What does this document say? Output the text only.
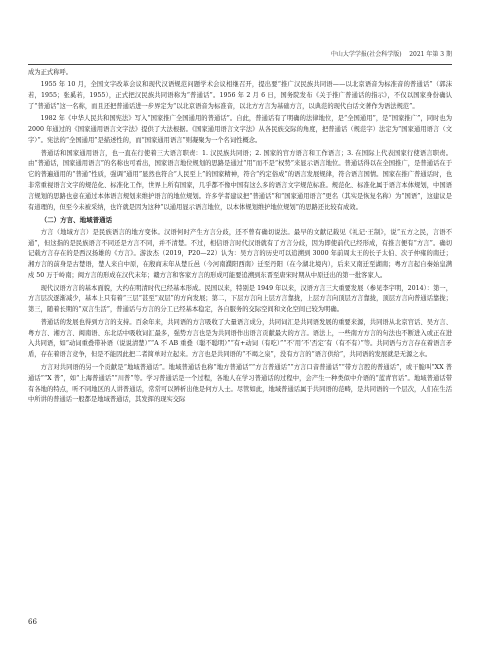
中山大学学报(社会科学版) 2021 年第 3 期

成为正式称呼。

1955 年 10 月，全国文字改革会议和现代汉语规范问题学术会议相继召开，提出要“推广汉民族共同语——以北京语音为标准音的普通话”（郭沫若，1955；张奚若，1955），正式把汉民族共同语称为“普通话”。1956 年 2 月 6 日，国务院发布《关于推广普通话的指示》，不仅以国家身份确认了“普通话”这一名称，而且还把普通话进一步界定为“以北京语音为标准音，以北方方言为基础方言，以典范的现代白话文著作为语法规范”。

1982 年《中华人民共和国宪法》写入“国家推广全国通用的普通话”。自此，普通话有了明确的法律地位，是“全国通用”，是“国家推广”，同时也为 2000 年通过的《国家通用语言文字法》提供了大法根据。《国家通用语言文字法》从各民族交际的角度，把普通话（规范字）法定为“国家通用语言（文字）”。宪法的“全国通用”是描述性的，而“国家通用语言”则凝聚为一个名词性概念。

普通话和国家通用语言，也一直在行使着三大语言职责：1. 汉民族共同语；2. 国家的官方语言和工作语言；3. 在国际上代表国家行使语言职责。由“普通话，国家通用语言”的名称也可看出，国家语言地位规划的思路是通过“用”而不是“权势”来显示语言地位。普通话得以在全国推广，是普通话在于它的普遍通用的“普通”性质，强调“通用”显然也符合“人民至上”的国家精神，符合“约定俗成”的语言发展规律，符合语言国情。国家在推广普通话时，也非常重视语言文字的规范化、标准化工作，世界上所有国家，几乎都不像中国有这么多的语言文字规范标准。规范化、标准化属于语言本体规划，中国语言规划的思路也意在通过本体语言规划来维护语言的地位规划。许多学者建议把“普通话”和“国家通用语言”更名（其实是恢复名称）为“国语”，这建议是有道理的，但至今未被采纳，也许就是因为这种“以通用显示语言地位，以本体规划维护地位规划”的思路还比较有成效。

（二）方言、地域普通话

方言（地域方言）是民族语言的地方变体。汉语何时产生方言分歧，还不曾有确切说法。最早的文献记载见《礼记·王制》，说“五方之民，言语不通”，但这指的是民族语言不同还是方言不同，并不清楚。不过，相信语言时代汉语就有了方言分歧，因为即使前代已经形成，有推言便有“方言”。确切记载方言存在的是西汉扬雄的《方言》。游汝杰（2019，P20—22）认为：吴方言的历史可以追溯到 3000 年前周太王的长子太伯、次子仲雍的南迁；湘方言的前身是古楚语，楚人来自中原，在殷商末年从楚丘邑（今河南濮阳西南）迁至丹阳（在今湖北境内），后来又南迁至湖南；粤方言起自秦始皇满戍 50 万于岭南；闽方言的形成在汉代末年；赣方言和客家方言的形成可能要追溯到东晋至唐宋时期从中原迁出的第一批客家人。

现代汉语方言的基本面貌，大约在明清时代已经基本形成。民国以来，特别是 1949 年以来，汉语方言三大重要发展（参见李宇明，2014）：第一，方言层次逐渐减少，基本上只有着“三层”甚至“双层”的方向发展；第二，下层方言向上层方言靠拢，上层方言向顶层方言靠拢，顶层方言向普通话靠拢；第三，随着长期的“双言生活”，普通话与方言的分工已经基本稳定，各自服务的交际空间和文化空间已较为明确。

普通话的发展也得到方言的支持。百余年来，共同语的方言吸收了大量语言成分，共同词汇是共同语发展的重要来源，共同语从北京官话、吴方言、粤方言、湘方言、闽南语、东北话中吸收词汇最多，强势方言也是为共同语作出语言贡献最大的方言。语法上，一些南方方言的句法也不断进入或正在进入共同语，如“动词重叠带补语（说说清楚）”“A 不 AB 重叠（聪不聪明）”“有+动词（有吃）”“不‘用’不‘否定’有（有不有）”等。共同语与方言存在着语言矛盾，存在着语言竞争，但是不能因此把二者简单对立起来。方言也是共同语的“不竭之泉”，没有方言的“语言供给”，共同语的发展就是无源之水。

方言对共同语的另一个贡献是“地域普通话”。地域普通话也称“地方普通话”“方言普通话”“方言口音普通话”“带方言腔的普通话”，或干脆叫“XX 普通话”“X 普”，如“上海普通话”“川普”等。学习普通话是一个过程，各地人在学习普通话的过程中，会产生一种类似中介语的“蓝青官话”。地域普通话带有各地的特点，听不同地区的人讲普通话，常常可以辨析出他是何方人士。尽管如此，地域普通话属于共同语的范畴，是共同语的一个层次，人们在生活中所讲的普通话一般都是地域普通话，其发挥的现实交际

66
